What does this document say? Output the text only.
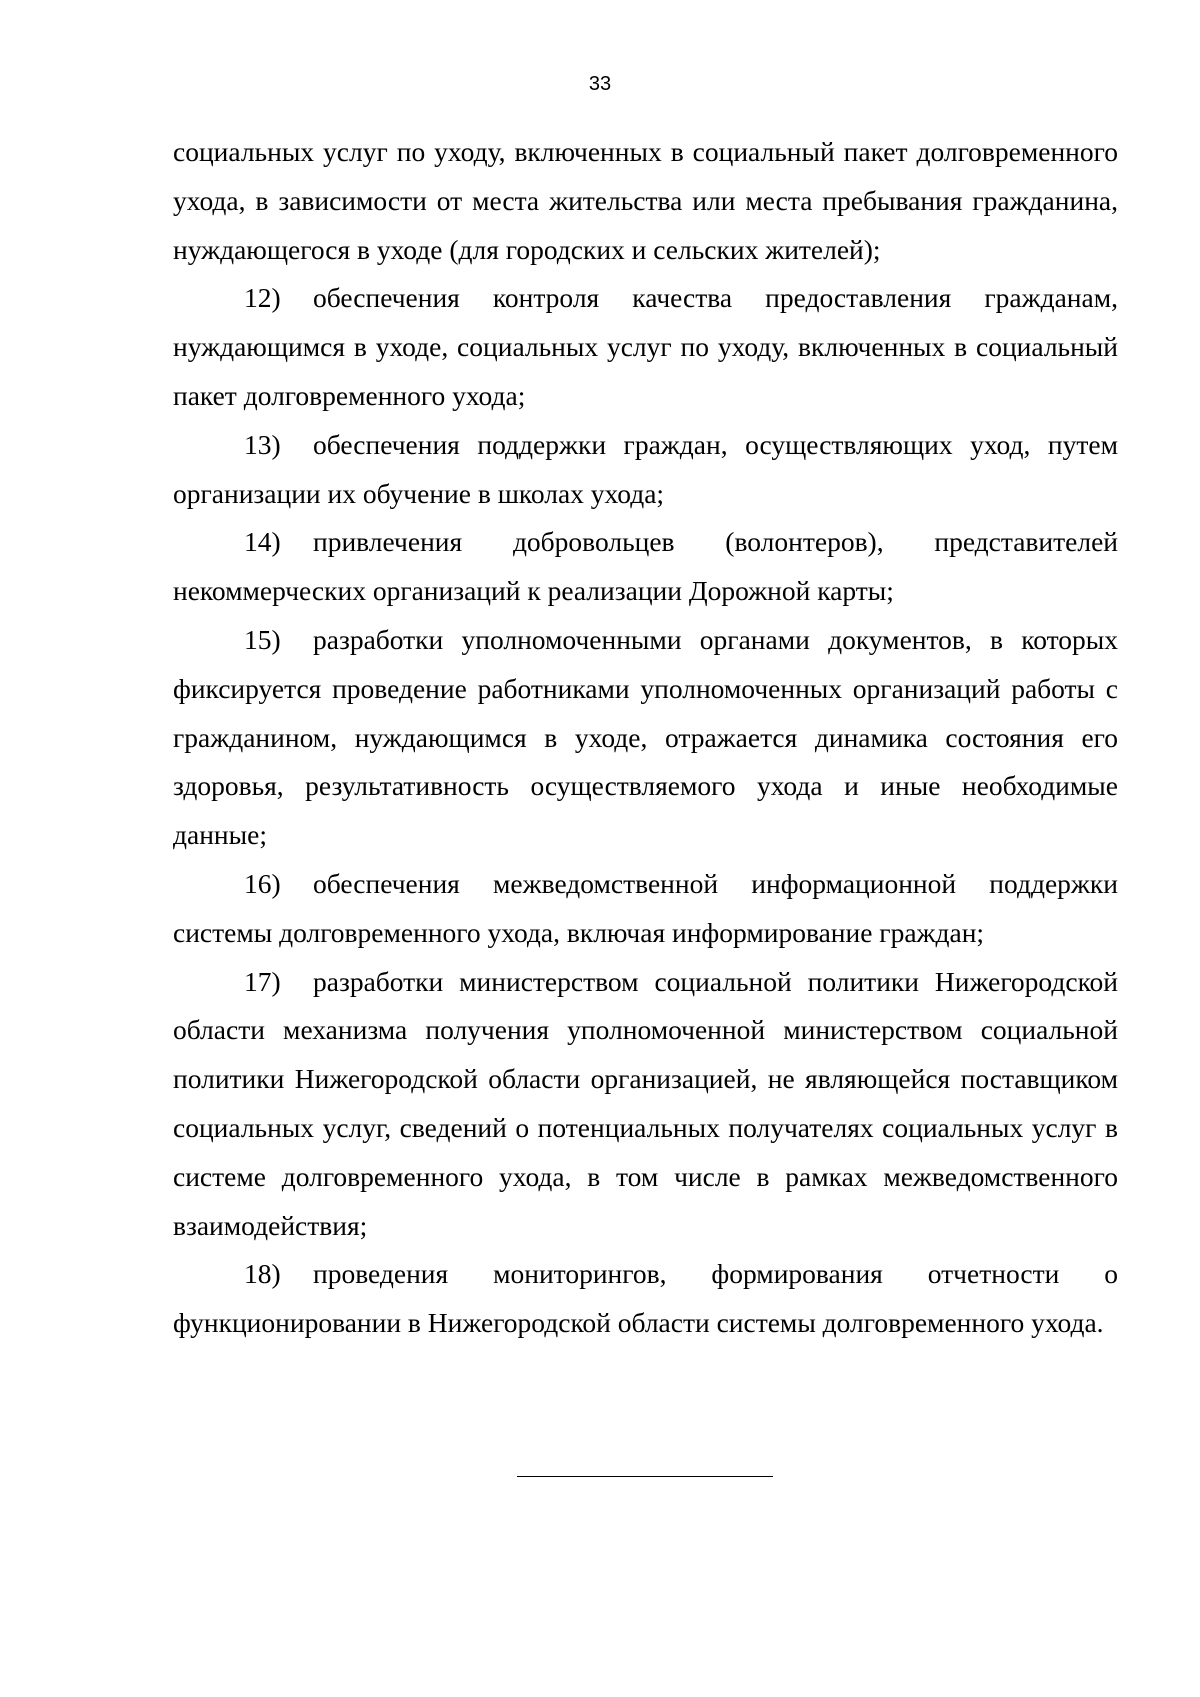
33

социальных услуг по уходу, включенных в социальный пакет долговременного ухода, в зависимости от места жительства или места пребывания гражданина, нуждающегося в уходе (для городских и сельских жителей);

12) обеспечения контроля качества предоставления гражданам, нуждающимся в уходе, социальных услуг по уходу, включенных в социальный пакет долговременного ухода;

13) обеспечения поддержки граждан, осуществляющих уход, путем организации их обучение в школах ухода;

14) привлечения добровольцев (волонтеров), представителей некоммерческих организаций к реализации Дорожной карты;

15) разработки уполномоченными органами документов, в которых фиксируется проведение работниками уполномоченных организаций работы с гражданином, нуждающимся в уходе, отражается динамика состояния его здоровья, результативность осуществляемого ухода и иные необходимые данные;

16) обеспечения межведомственной информационной поддержки системы долговременного ухода, включая информирование граждан;

17) разработки министерством социальной политики Нижегородской области механизма получения уполномоченной министерством социальной политики Нижегородской области организацией, не являющейся поставщиком социальных услуг, сведений о потенциальных получателях социальных услуг в системе долговременного ухода, в том числе в рамках межведомственного взаимодействия;

18) проведения мониторингов, формирования отчетности о функционировании в Нижегородской области системы долговременного ухода.
